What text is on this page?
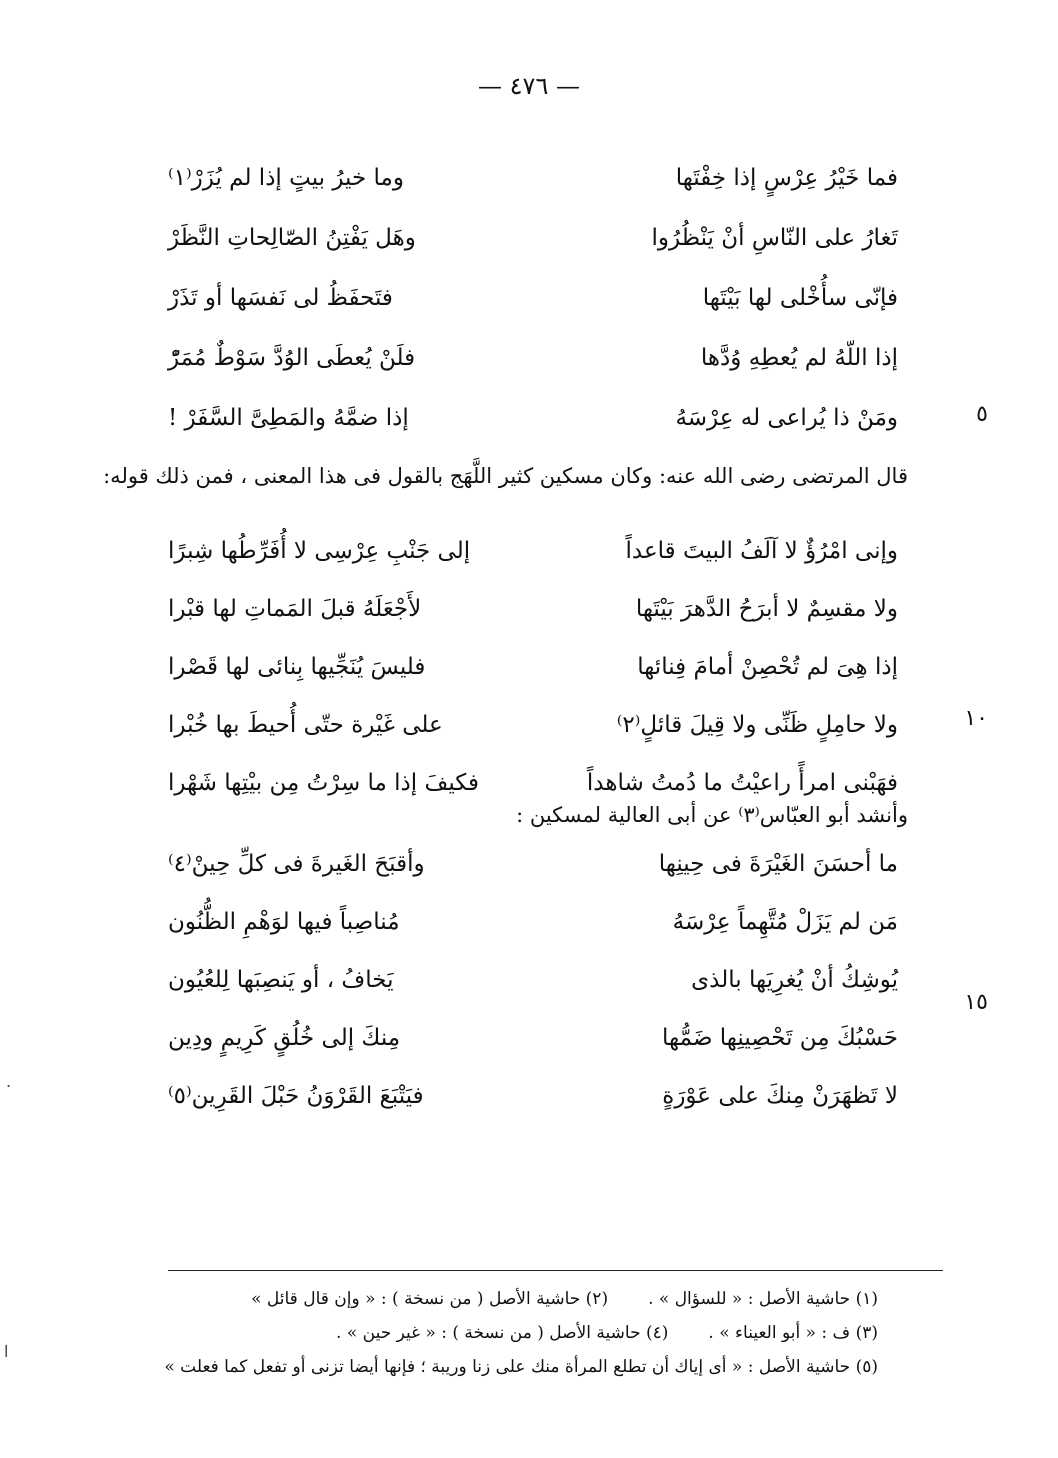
— ٤٧٦ —
فما خَيْرُ عِرْسٍ إذا خِفْتَها
وما خيرُ بيتٍ إذا لم يُزَرْ⁽١⁾
تَغارُ على النّاسِ أنْ يَنْظُرُوا
وهَل يَفْتِنُ الصّالِحاتِ النَّظَرْ
فإنّى سأُخْلى لها بَيْتَها
فتَحفَظُ لى نَفسَها أو تَذَرْ
إذا اللّهُ لم يُعطِهِ وُدَّها
فلَنْ يُعطَى الوُدَّ سَوْطٌ مُمَرّْ
ومَنْ ذا يُراعى له عِرْسَهُ
إذا ضمَّهُ والمَطِىَّ السَّفَرْ !	٥
قال المرتضى رضى الله عنه: وكان مسكين كثير اللَّهَج بالقول فى هذا المعنى ، فمن ذلك قوله:
وإنى امْرُؤٌ لا آلَفُ البيتَ قاعداً
إلى جَنْبِ عِرْسِى لا أُفَرِّطُها شِبرًا
ولا مقسِمٌ لا أبرَحُ الدَّهرَ بَيْتَها
لأَجْعَلَهُ قبلَ المَماتِ لها قبْرا
إذا هِىَ لم تُحْصِنْ أمامَ فِنائها
فليسَ يُنَجِّيها بِنائى لها قَصْرا
ولا حامِلٍ ظَنِّى ولا قِيلَ قائلٍ⁽٢⁾
على غَيْرة حتّى أُحيطَ بها خُبْرا
فهَبْنى امرأً راعيْتُ ما دُمتُ شاهداً
فكيفَ إذا ما سِرْتُ مِن بيْتِها شَهْرا
١٠
وأنشد أبو العبّاس⁽٣⁾ عن أبى العالية لمسكين :
ما أحسَنَ الغَيْرَةَ فى حِينِها
وأقبَحَ الغَيرةَ فى كلِّ حِينْ⁽٤⁾
مَن لم يَزَلْ مُتَّهِماً عِرْسَهُ
مُناصِباً فيها لوَهْمِ الظُّنُون
يُوشِكُ أنْ يُغرِيَها بالذى
يَخافُ ، أو يَنصِبَها لِلعُيُون
حَسْبُكَ مِن تَحْصِينِها ضَمُّها
مِنكَ إلى خُلُقٍ كَرِيمٍ ودِين
لا تَظهَرَنْ مِنكَ على عَوْرَةٍ
فيَتْبَعَ القَرْوَنُ حَبْلَ القَرِين⁽٥⁾
١٥
(١) حاشية الأصل : « للسؤال » .
(٢) حاشية الأصل ( من نسخة ) : « وإن قال قائل »
(٣) ف : « أبو العيناء » .
(٤) حاشية الأصل ( من نسخة ) : « غير حين » .
(٥) حاشية الأصل : « أى إياك أن تطلع المرأة منك على زنا وريبة ؛ فإنها أيضا تزنى أو تفعل كما فعلت »
.
ا
